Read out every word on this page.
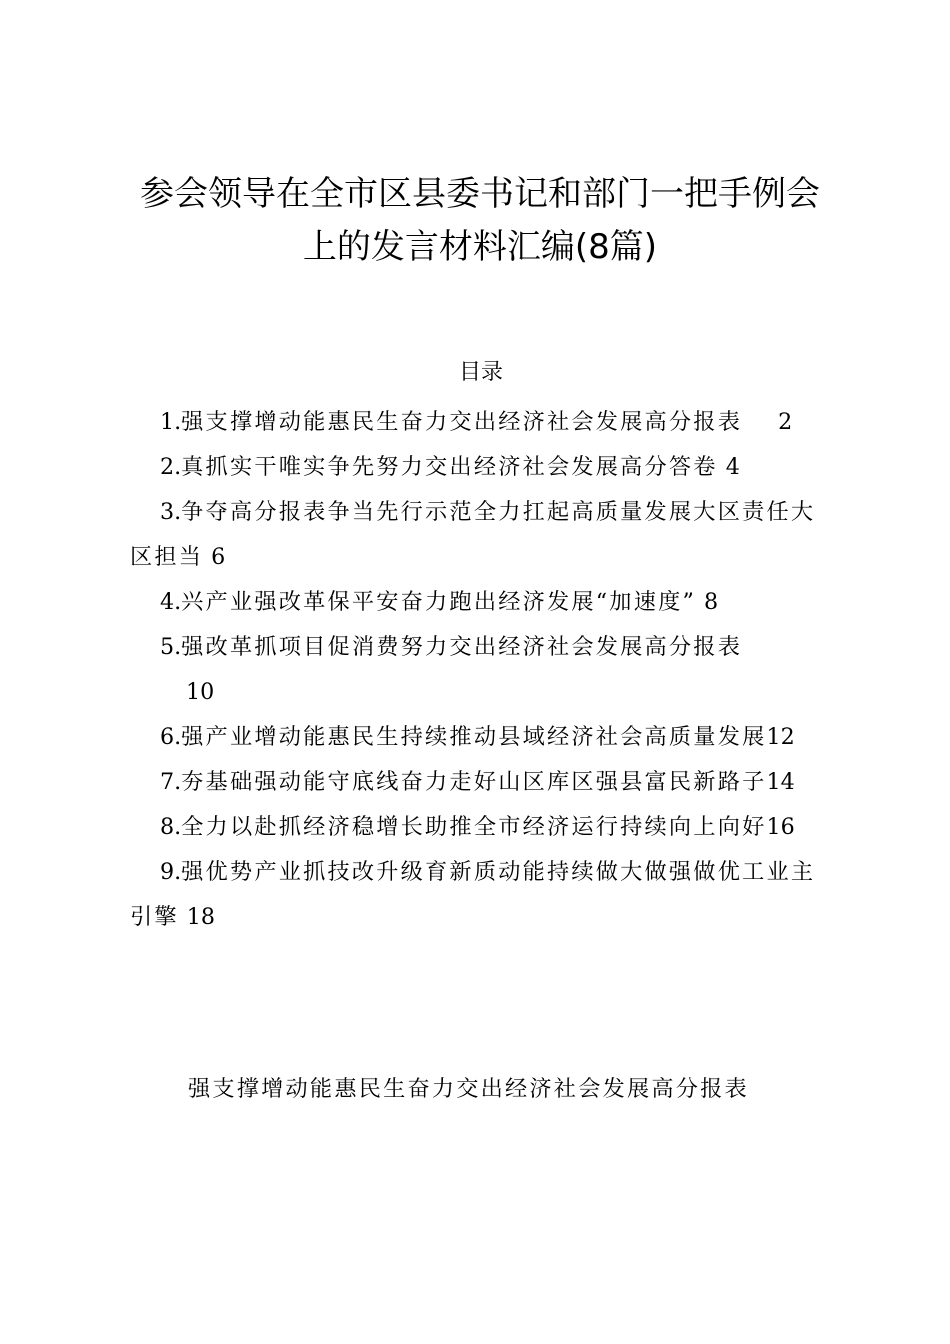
参会领导在全市区县委书记和部门一把手例会
上的发言材料汇编(8篇)
目录
1.强支撑增动能惠民生奋力交出经济社会发展高分报表 2
2.真抓实干唯实争先努力交出经济社会发展高分答卷 4
3.争夺高分报表争当先行示范全力扛起高质量发展大区责任大区担当 6
4.兴产业强改革保平安奋力跑出经济发展“加速度” 8
5.强改革抓项目促消费努力交出经济社会发展高分报表
10
6.强产业增动能惠民生持续推动县域经济社会高质量发展12
7.夯基础强动能守底线奋力走好山区库区强县富民新路子14
8.全力以赴抓经济稳增长助推全市经济运行持续向上向好16
9.强优势产业抓技改升级育新质动能持续做大做强做优工业主引擎 18
强支撑增动能惠民生奋力交出经济社会发展高分报表
